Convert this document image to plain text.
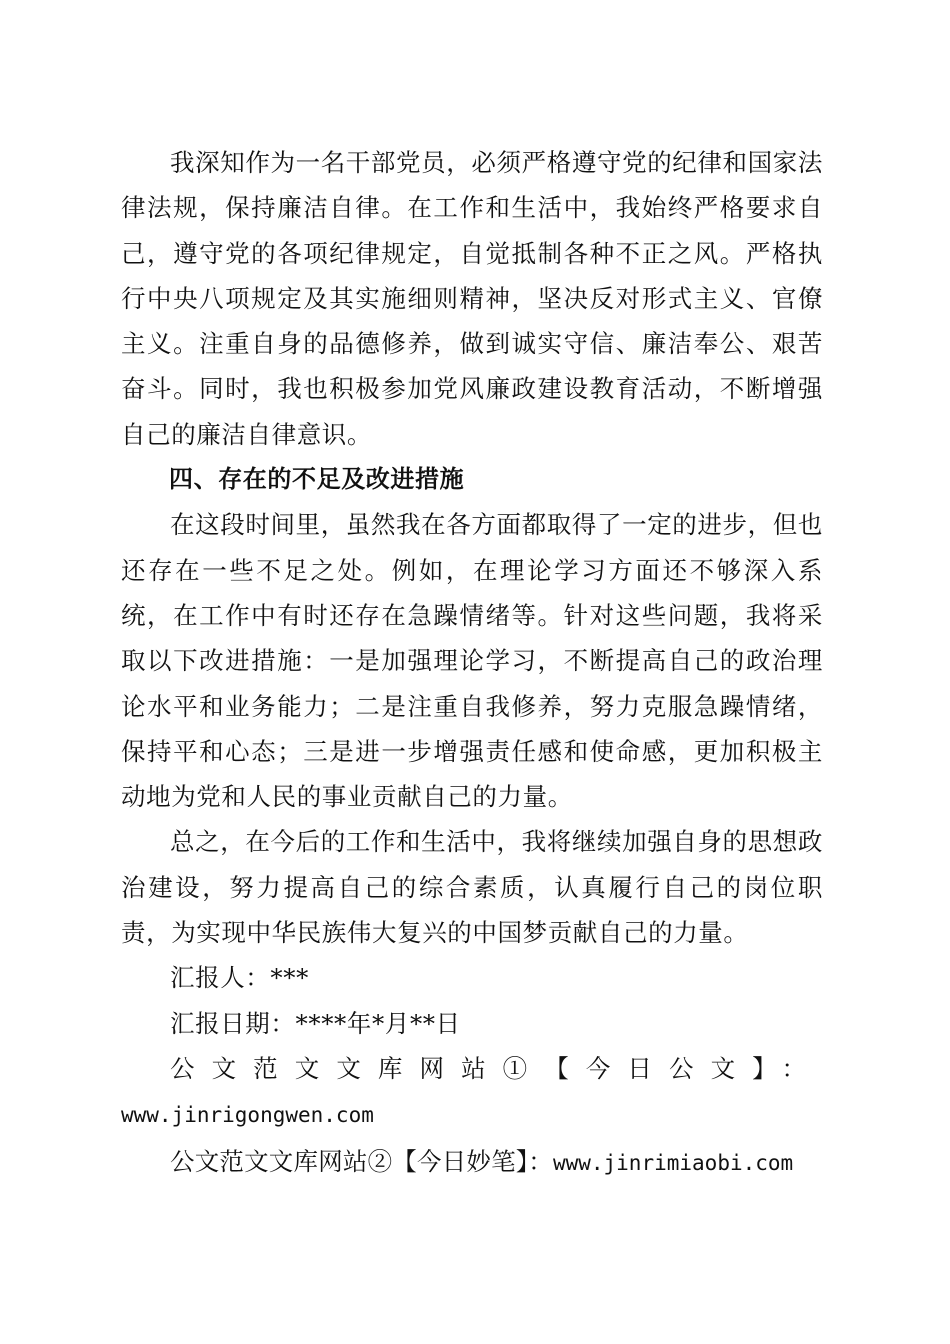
我深知作为一名干部党员，必须严格遵守党的纪律和国家法律法规，保持廉洁自律。在工作和生活中，我始终严格要求自己，遵守党的各项纪律规定，自觉抵制各种不正之风。严格执行中央八项规定及其实施细则精神，坚决反对形式主义、官僚主义。注重自身的品德修养，做到诚实守信、廉洁奉公、艰苦奋斗。同时，我也积极参加党风廉政建设教育活动，不断增强自己的廉洁自律意识。

四、存在的不足及改进措施

在这段时间里，虽然我在各方面都取得了一定的进步，但也还存在一些不足之处。例如，在理论学习方面还不够深入系统，在工作中有时还存在急躁情绪等。针对这些问题，我将采取以下改进措施：一是加强理论学习，不断提高自己的政治理论水平和业务能力；二是注重自我修养，努力克服急躁情绪，保持平和心态；三是进一步增强责任感和使命感，更加积极主动地为党和人民的事业贡献自己的力量。

总之，在今后的工作和生活中，我将继续加强自身的思想政治建设，努力提高自己的综合素质，认真履行自己的岗位职责，为实现中华民族伟大复兴的中国梦贡献自己的力量。

汇报人：***

汇报日期：****年*月**日

公文范文文库网站①【今日公文】：www.jinrigongwen.com

公文范文文库网站②【今日妙笔】：www.jinrimiaobi.com
